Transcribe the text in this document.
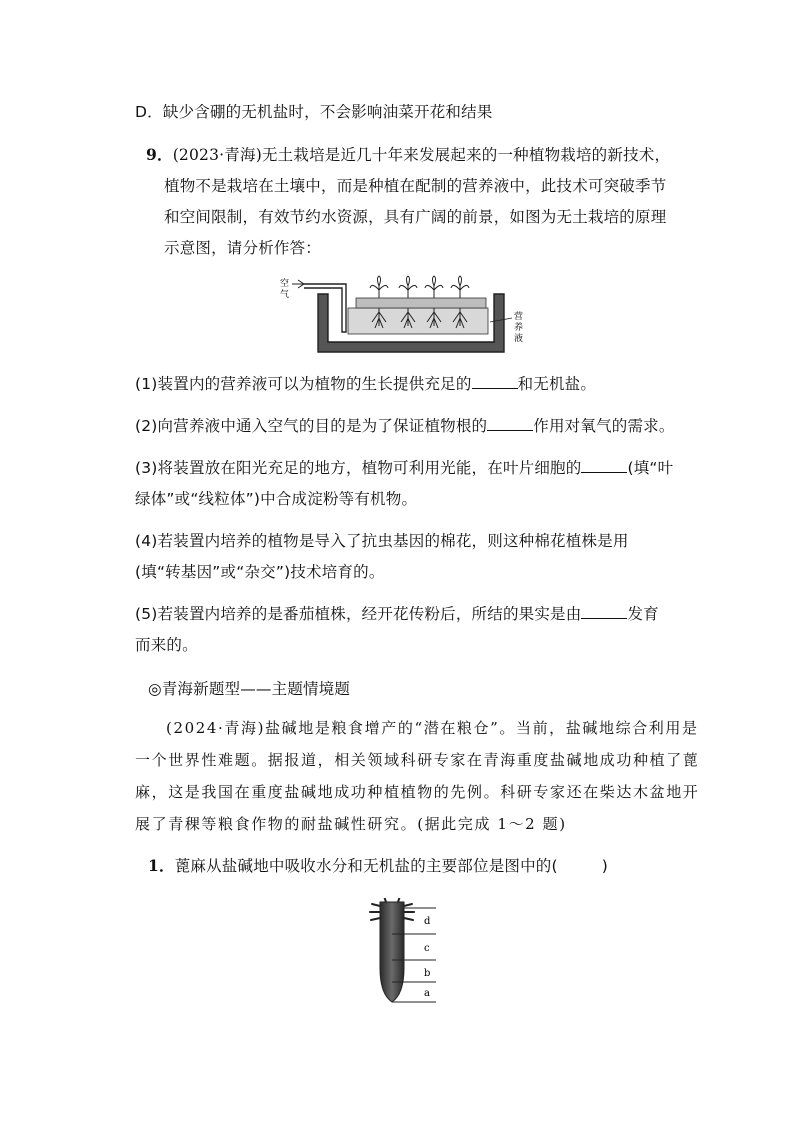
D．缺少含硼的无机盐时，不会影响油菜开花和结果
9．(2023·青海)无土栽培是近几十年来发展起来的一种植物栽培的新技术，
植物不是栽培在土壤中，而是种植在配制的营养液中，此技术可突破季节
和空间限制，有效节约水资源，具有广阔的前景，如图为无土栽培的原理
示意图，请分析作答：
空
气
营
养
液
(1)装置内的营养液可以为植物的生长提供充足的	和无机盐。
(2)向营养液中通入空气的目的是为了保证植物根的	作用对氧气的需求。
(3)将装置放在阳光充足的地方，植物可利用光能，在叶片细胞的	(填“叶
绿体”或“线粒体”)中合成淀粉等有机物。
(4)若装置内培养的植物是导入了抗虫基因的棉花，则这种棉花植株是用
(填“转基因”或“杂交”)技术培育的。
(5)若装置内培养的是番茄植株，经开花传粉后，所结的果实是由	发育
而来的。
◎青海新题型——主题情境题
(2024·青海)盐碱地是粮食增产的“潜在粮仓”。当前，盐碱地综合利用是
一个世界性难题。据报道，相关领域科研专家在青海重度盐碱地成功种植了蓖
麻，这是我国在重度盐碱地成功种植植物的先例。科研专家还在柴达木盆地开
展了青稞等粮食作物的耐盐碱性研究。(据此完成 1～2 题)
1．蓖麻从盐碱地中吸收水分和无机盐的主要部位是图中的(	)
d
c
b
a
